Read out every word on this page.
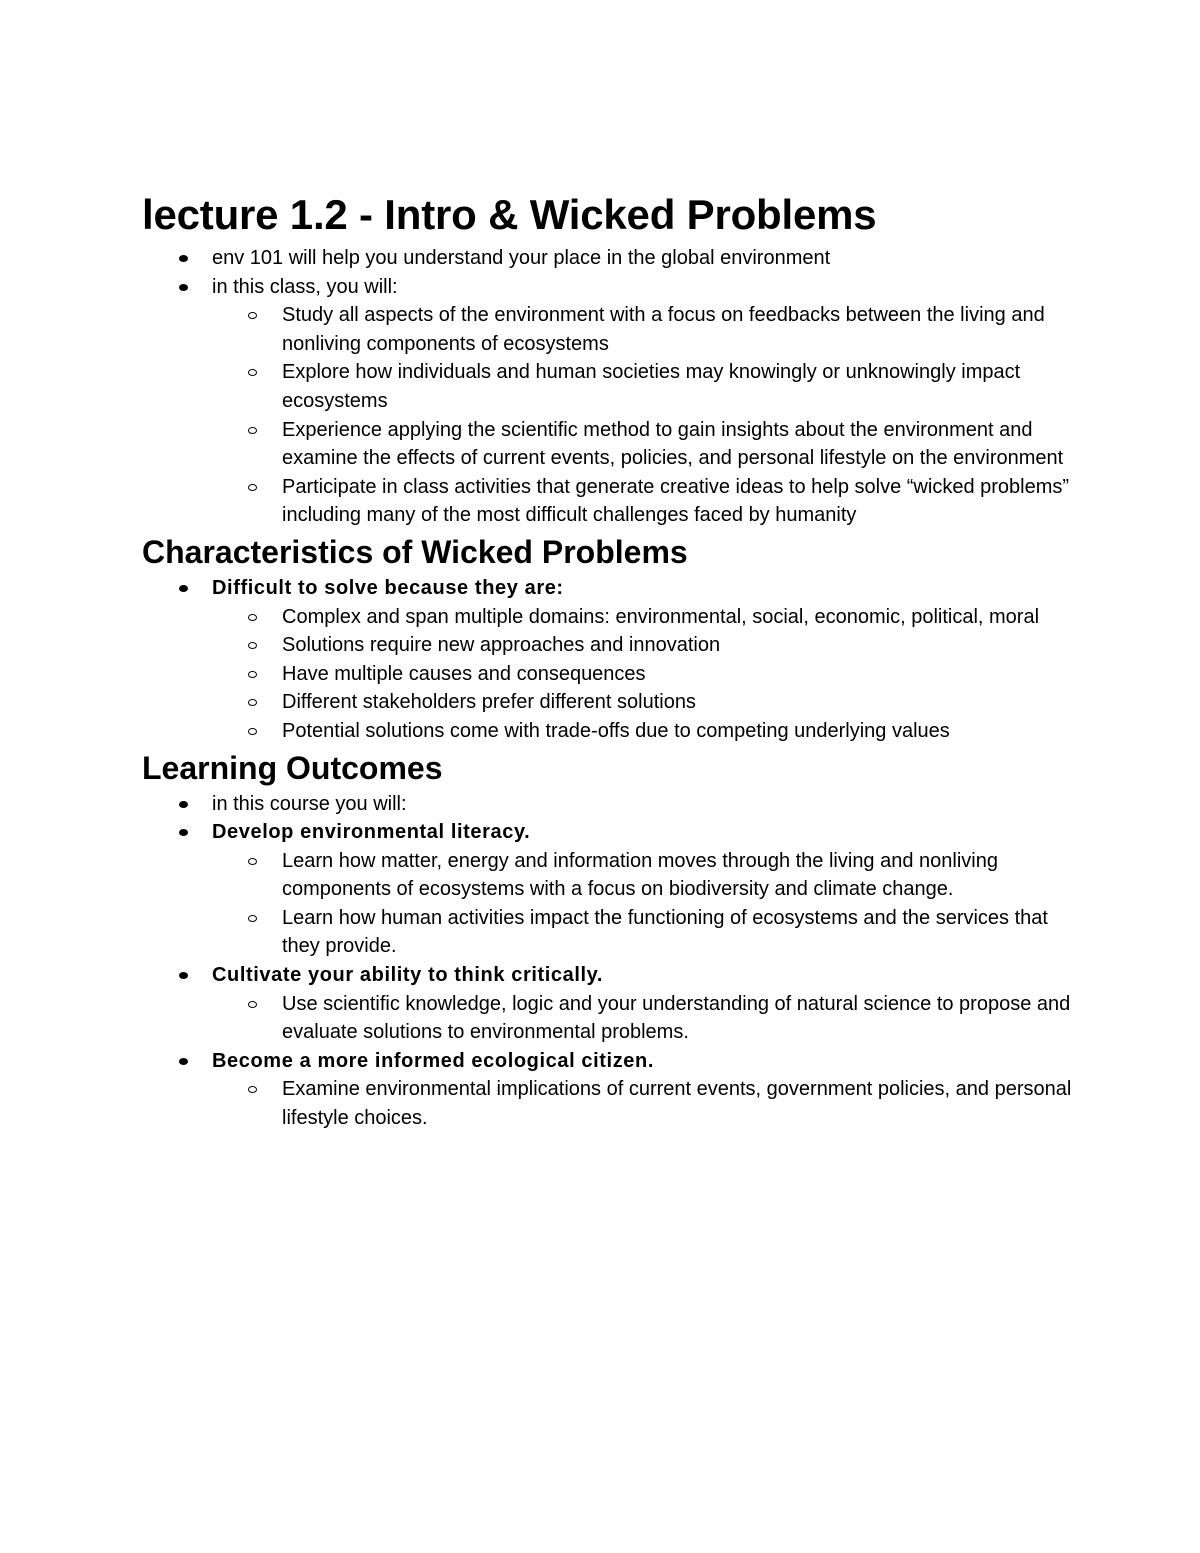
lecture 1.2 - Intro & Wicked Problems
env 101 will help you understand your place in the global environment
in this class, you will:
Study all aspects of the environment with a focus on feedbacks between the living and nonliving components of ecosystems
Explore how individuals and human societies may knowingly or unknowingly impact ecosystems
Experience applying the scientific method to gain insights about the environment and examine the effects of current events, policies, and personal lifestyle on the environment
Participate in class activities that generate creative ideas to help solve “wicked problems” including many of the most difficult challenges faced by humanity
Characteristics of Wicked Problems
Difficult to solve because they are:
Complex and span multiple domains: environmental, social, economic, political, moral
Solutions require new approaches and innovation
Have multiple causes and consequences
Different stakeholders prefer different solutions
Potential solutions come with trade-offs due to competing underlying values
Learning Outcomes
in this course you will:
Develop environmental literacy.
Learn how matter, energy and information moves through the living and nonliving components of ecosystems with a focus on biodiversity and climate change.
Learn how human activities impact the functioning of ecosystems and the services that they provide.
Cultivate your ability to think critically.
Use scientific knowledge, logic and your understanding of natural science to propose and evaluate solutions to environmental problems.
Become a more informed ecological citizen.
Examine environmental implications of current events, government policies, and personal lifestyle choices.
